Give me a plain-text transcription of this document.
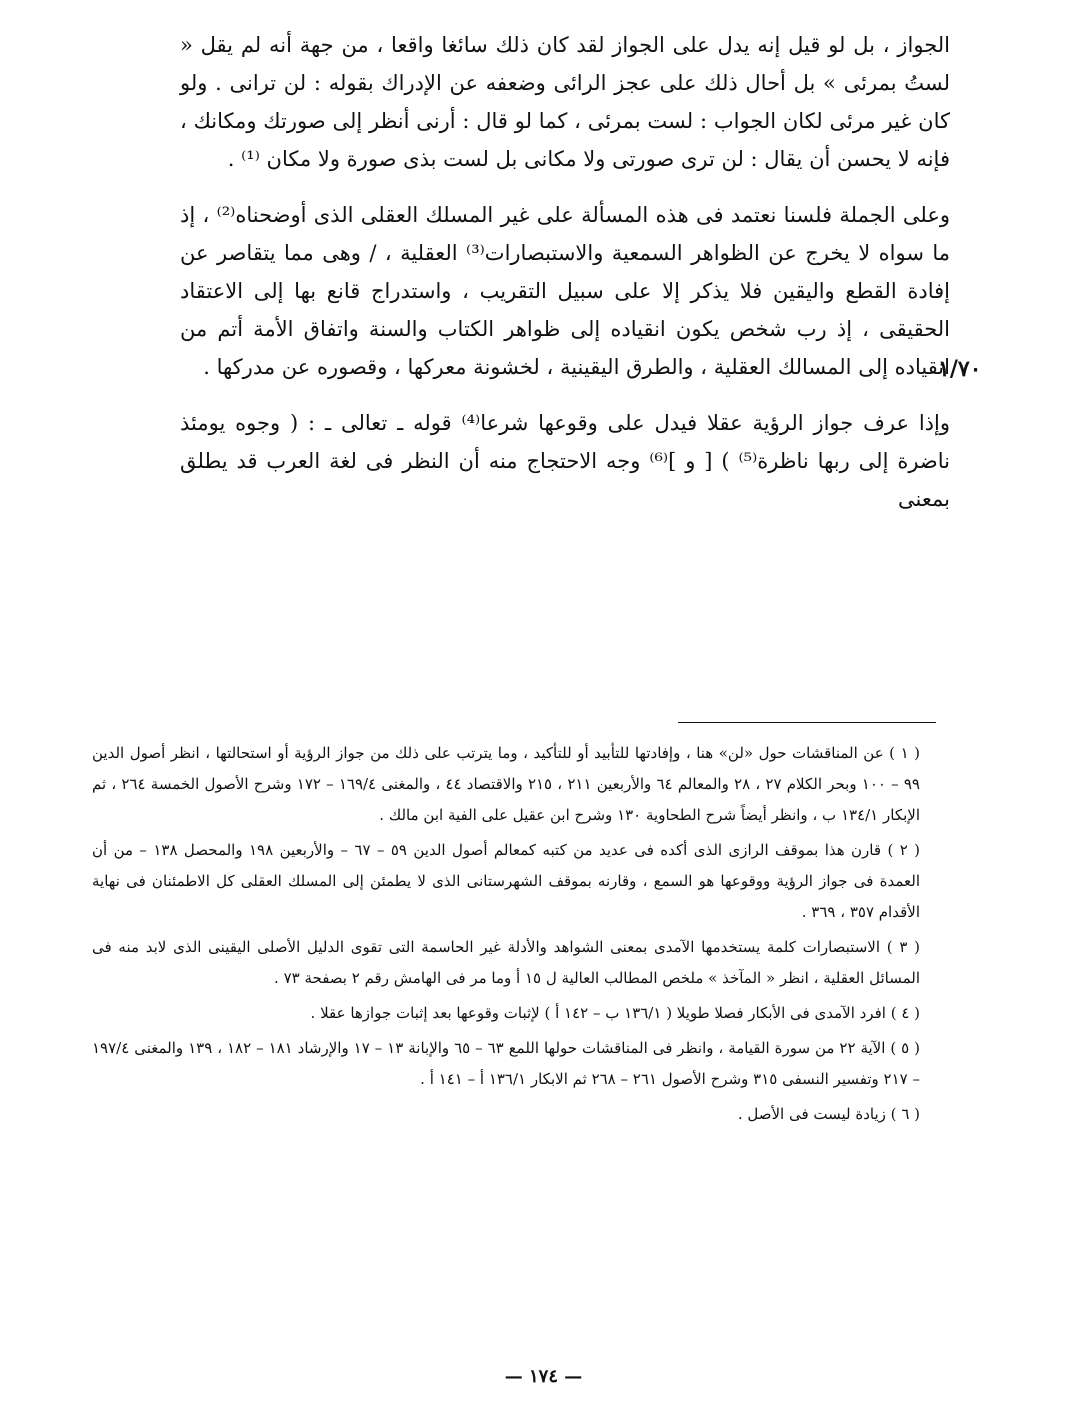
الجواز ، بل لو قيل إنه يدل على الجواز لقد كان ذلك سائغا واقعا ، من جهة أنه لم يقل « لستُ بمرئى » بل أحال ذلك على عجز الرائى وضعفه عن الإدراك بقوله : لن ترانى . ولو كان غير مرئى لكان الجواب : لست بمرئى ، كما لو قال : أرنى أنظر إلى صورتك ومكانك ، فإنه لا يحسن أن يقال : لن ترى صورتى ولا مكانى بل لست بذى صورة ولا مكان ⁽¹⁾ .

وعلى الجملة فلسنا نعتمد فى هذه المسألة على غير المسلك العقلى الذى أوضحناه⁽²⁾ ، إذ ما سواه لا يخرج عن الظواهر السمعية والاستبصارات⁽³⁾ العقلية ، / وهى مما يتقاصر عن إفادة القطع واليقين فلا يذكر إلا على سبيل التقريب ، واستدراج قانع بها إلى الاعتقاد الحقيقى ، إذ رب شخص يكون انقياده إلى ظواهر الكتاب والسنة واتفاق الأمة أتم من انقياده إلى المسالك العقلية ، والطرق اليقينية ، لخشونة معركها ، وقصوره عن مدركها .

وإذا عرف جواز الرؤية عقلا فيدل على وقوعها شرعا⁽⁴⁾ قوله ـ تعالى ـ : ( وجوه يومئذ ناضرة إلى ربها ناظرة⁽⁵⁾ ) [ و ]⁽⁶⁾ وجه الاحتجاج منه أن النظر فى لغة العرب قد يطلق بمعنى

١/٧٠

( ١ ) عن المناقشات حول «لن» هنا ، وإفادتها للتأبيد أو للتأكيد ، وما يترتب على ذلك من جواز الرؤية أو استحالتها ، انظر أصول الدين ٩٩ – ١٠٠ وبحر الكلام ٢٧ ، ٢٨ والمعالم ٦٤ والأربعين ٢١١ ، ٢١٥ والاقتصاد ٤٤ ، والمغنى ١٦٩/٤ – ١٧٢ وشرح الأصول الخمسة ٢٦٤ ، ثم الإبكار ١٣٤/١ ب ، وانظر أيضاً شرح الطحاوية ١٣٠ وشرح ابن عقيل على الفية ابن مالك .

( ٢ ) قارن هذا بموقف الرازى الذى أكده فى عديد من كتبه كمعالم أصول الدين ٥٩ – ٦٧ – والأربعين ١٩٨ والمحصل ١٣٨ – من أن العمدة فى جواز الرؤية ووقوعها هو السمع ، وقارنه بموقف الشهرستانى الذى لا يطمئن إلى المسلك العقلى كل الاطمئنان فى نهاية الأقدام ٣٥٧ ، ٣٦٩ .

( ٣ ) الاستبصارات كلمة يستخدمها الآمدى بمعنى الشواهد والأدلة غير الحاسمة التى تقوى الدليل الأصلى اليقينى الذى لابد منه فى المسائل العقلية ، انظر « المآخذ » ملخص المطالب العالية ل ١٥ أ وما مر فى الهامش رقم ٢ بصفحة ٧٣ .

( ٤ ) افرد الآمدى فى الأبكار فصلا طويلا ( ١٣٦/١ ب – ١٤٢ أ ) لإثبات وقوعها بعد إثبات جوازها عقلا .

( ٥ ) الآية ٢٢ من سورة القيامة ، وانظر فى المناقشات حولها اللمع ٦٣ – ٦٥ والإبانة ١٣ – ١٧ والإرشاد ١٨١ – ١٨٢ ، ١٣٩ والمغنى ١٩٧/٤ – ٢١٧ وتفسير النسفى ٣١٥ وشرح الأصول ٢٦١ – ٢٦٨ ثم الابكار ١٣٦/١ أ – ١٤١ أ .

( ٦ ) زيادة ليست فى الأصل .

— ١٧٤ —
